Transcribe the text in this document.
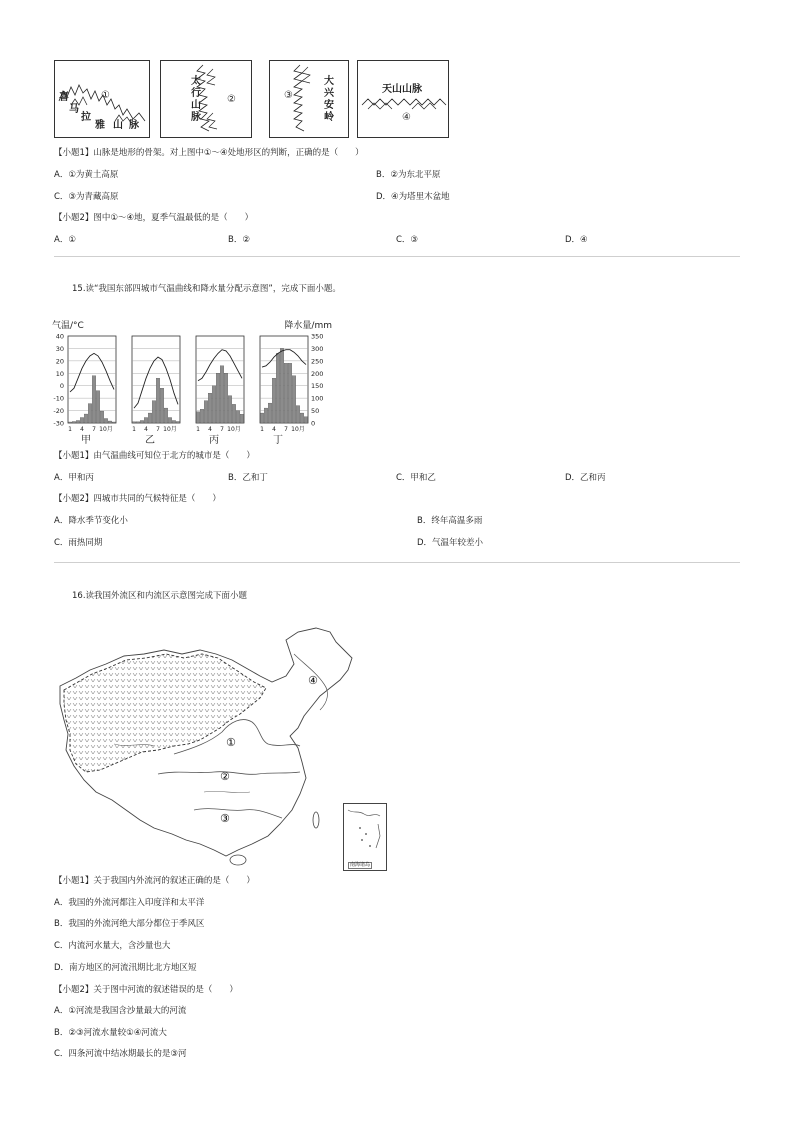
喜
马
拉
雅 山 脉
①
太
行
山
脉
②	③
大
兴
安
岭
天山山脉
④
【小题1】山脉是地形的骨架。对上图中①～④处地形区的判断，正确的是（　　）
A．①为黄土高原	B．②为东北平原
C．③为青藏高原	D．④为塔里木盆地
【小题2】图中①～④地，夏季气温最低的是（　　）
A．①	B．②	C．③	D．④
15.读“我国东部四城市气温曲线和降水量分配示意图”，完成下面小题。
气温/°C	降水量/mm
40
30
20
10
0
-10
-20
-30
350
300
250
200
150
100
50
0
1 4 7 10月
甲
1 4 7 10月
乙
1 4 7 10月
丙
1 4 7 10月
丁
【小题1】由气温曲线可知位于北方的城市是（　　）
A．甲和丙	B．乙和丁	C．甲和乙	D．乙和丙
【小题2】四城市共同的气候特征是（　　）
A．降水季节变化小	B．终年高温多雨
C．雨热同期	D．气温年较差小
16.读我国外流区和内流区示意图完成下面小题
①
②
③
④
南海诸岛
【小题1】关于我国内外流河的叙述正确的是（　　）
A．我国的外流河都注入印度洋和太平洋
B．我国的外流河绝大部分都位于季风区
C．内流河水量大，含沙量也大
D．南方地区的河流汛期比北方地区短
【小题2】关于图中河流的叙述错误的是（　　）
A．①河流是我国含沙量最大的河流
B．②③河流水量较①④河流大
C．四条河流中结冰期最长的是③河
